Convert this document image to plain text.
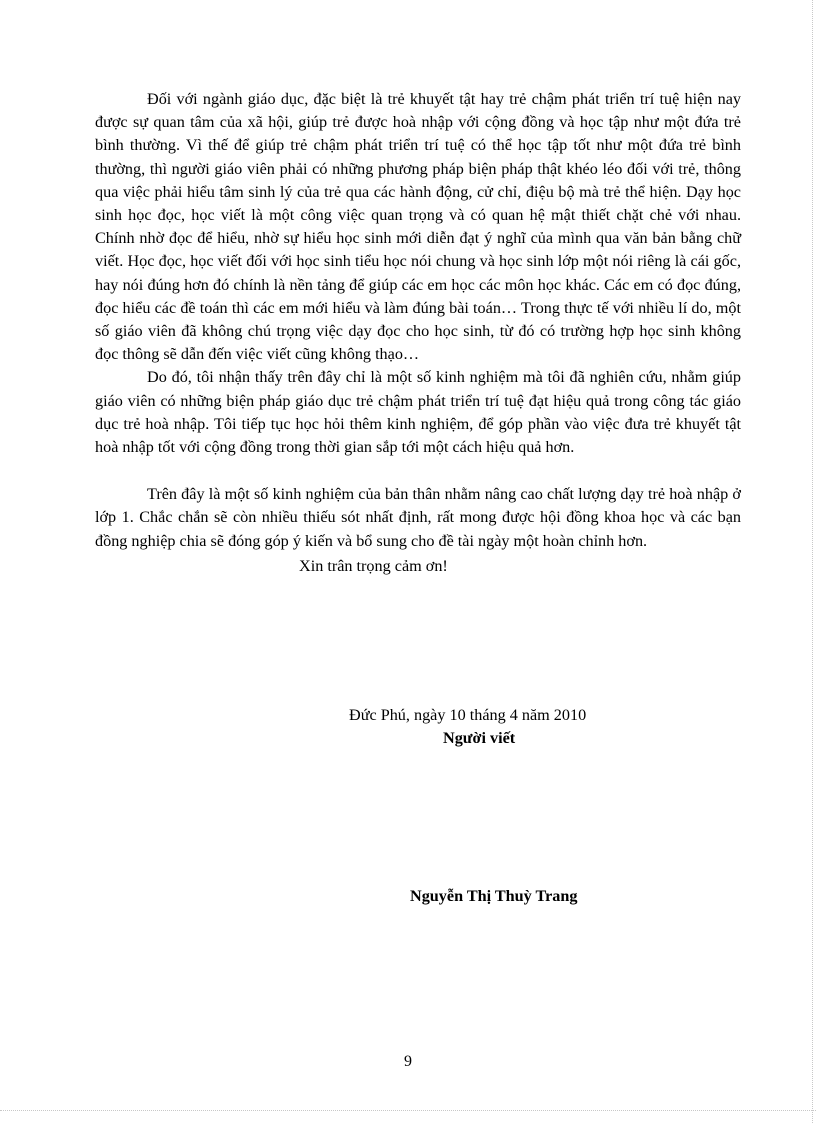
Đối với ngành giáo dục, đặc biệt là trẻ khuyết tật hay trẻ chậm phát triển trí tuệ hiện nay được sự quan tâm của xã hội, giúp trẻ được hoà nhập với cộng đồng và học tập như một đứa trẻ bình thường. Vì thế để giúp trẻ chậm phát triển trí tuệ có thể học tập tốt như một đứa trẻ bình thường, thì người giáo viên phải có những phương pháp biện pháp thật khéo léo đối với trẻ, thông qua việc phải hiểu tâm sinh lý của trẻ qua các hành động, cử chỉ, điệu bộ mà trẻ thể hiện. Dạy học sinh học đọc, học viết là một công việc quan trọng và có quan hệ mật thiết chặt chẻ với nhau. Chính nhờ đọc để hiểu, nhờ sự hiểu học sinh mới diễn đạt ý nghĩ của mình qua văn bản bằng chữ viết. Học đọc, học viết đối với học sinh tiểu học nói chung và học sinh lớp một nói riêng là cái gốc, hay nói đúng hơn đó chính là nền tảng để giúp các em học các môn học khác. Các em có đọc đúng, đọc hiểu các đề toán thì các em mới hiểu và làm đúng bài toán… Trong thực tế với nhiều lí do, một số giáo viên đã không chú trọng việc dạy đọc cho học sinh, từ đó có trường hợp học sinh không đọc thông sẽ dẫn đến việc viết cũng không thạo…

Do đó, tôi nhận thấy trên đây chỉ là một số kinh nghiệm mà tôi đã nghiên cứu, nhằm giúp giáo viên có những biện pháp giáo dục trẻ chậm phát triển trí tuệ đạt hiệu quả trong công tác giáo dục trẻ hoà nhập. Tôi tiếp tục học hỏi thêm kinh nghiệm, để góp phần vào việc đưa trẻ khuyết tật hoà nhập tốt với cộng đồng trong thời gian sắp tới một cách hiệu quả hơn.

Trên đây là một số kinh nghiệm của bản thân nhằm nâng cao chất lượng dạy trẻ hoà nhập ở lớp 1. Chắc chắn sẽ còn nhiều thiếu sót nhất định, rất mong được hội đồng khoa học và các bạn đồng nghiệp chia sẽ đóng góp ý kiến và bổ sung cho đề tài ngày một hoàn chỉnh hơn.

Xin trân trọng cảm ơn!

Đức Phú, ngày 10 tháng 4 năm 2010
Người viết
Nguyễn Thị Thuỳ Trang
9
